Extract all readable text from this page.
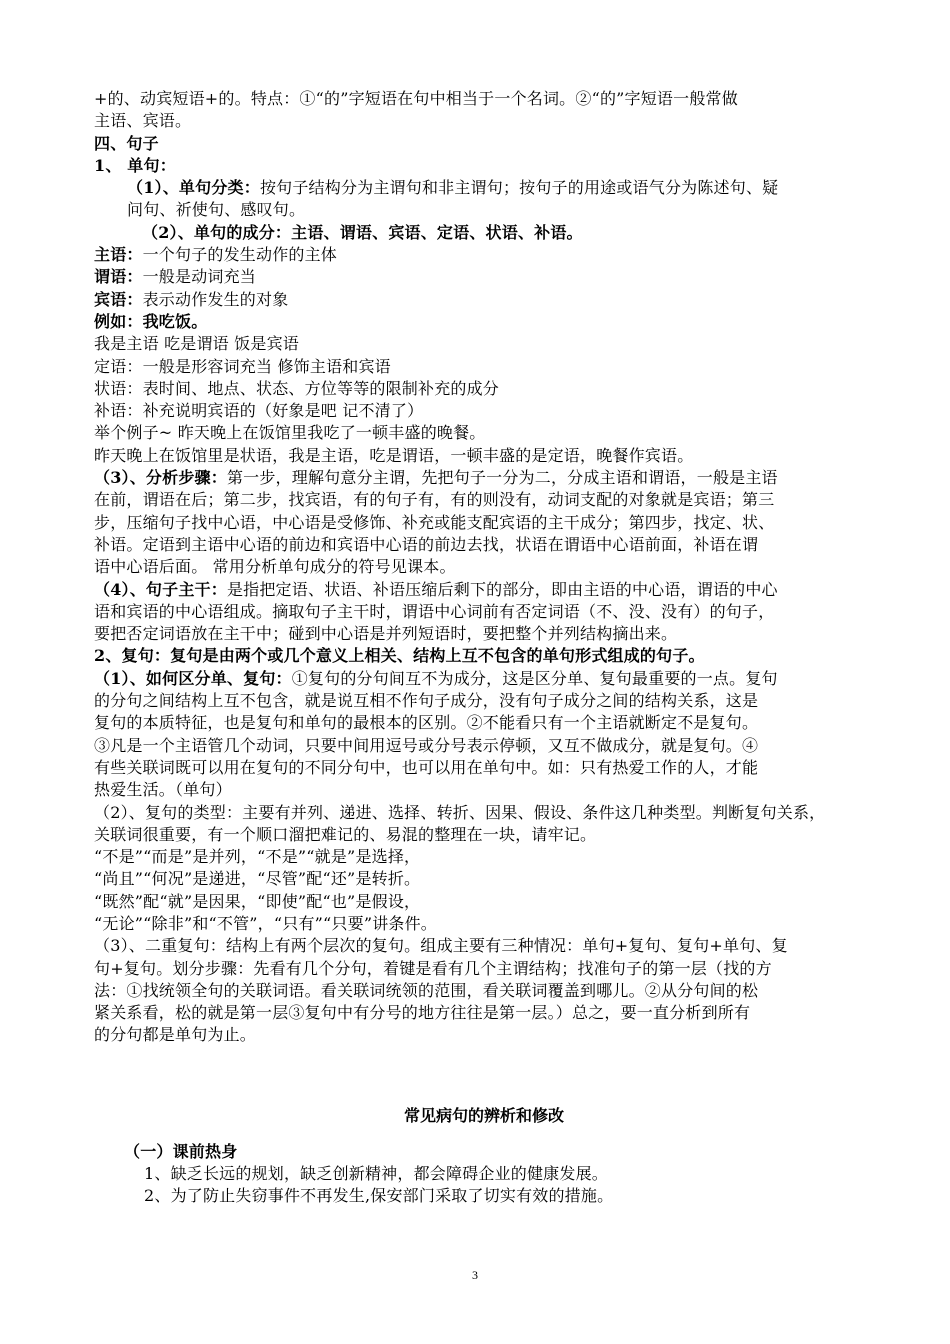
+的、动宾短语+的。特点：①“的”字短语在句中相当于一个名词。②“的”字短语一般常做
主语、宾语。
四、句子
1、 单句：
（1）、单句分类：按句子结构分为主谓句和非主谓句；按句子的用途或语气分为陈述句、疑
问句、祈使句、感叹句。
（2）、单句的成分：主语、谓语、宾语、定语、状语、补语。
主语：一个句子的发生动作的主体
谓语：一般是动词充当
宾语：表示动作发生的对象
例如：我吃饭。
我是主语 吃是谓语 饭是宾语
定语：一般是形容词充当 修饰主语和宾语
状语：表时间、地点、状态、方位等等的限制补充的成分
补语：补充说明宾语的（好象是吧 记不清了）
举个例子~ 昨天晚上在饭馆里我吃了一顿丰盛的晚餐。
昨天晚上在饭馆里是状语，我是主语，吃是谓语，一顿丰盛的是定语，晚餐作宾语。
（3）、分析步骤：第一步，理解句意分主谓，先把句子一分为二，分成主语和谓语，一般是主语
在前，谓语在后；第二步，找宾语，有的句子有，有的则没有，动词支配的对象就是宾语；第三
步，压缩句子找中心语，中心语是受修饰、补充或能支配宾语的主干成分；第四步，找定、状、
补语。定语到主语中心语的前边和宾语中心语的前边去找，状语在谓语中心语前面，补语在谓
语中心语后面。 常用分析单句成分的符号见课本。
（4）、句子主干：是指把定语、状语、补语压缩后剩下的部分，即由主语的中心语，谓语的中心
语和宾语的中心语组成。摘取句子主干时，谓语中心词前有否定词语（不、没、没有）的句子，
要把否定词语放在主干中；碰到中心语是并列短语时，要把整个并列结构摘出来。
2、复句：复句是由两个或几个意义上相关、结构上互不包含的单句形式组成的句子。
（1）、如何区分单、复句：①复句的分句间互不为成分，这是区分单、复句最重要的一点。复句
的分句之间结构上互不包含，就是说互相不作句子成分，没有句子成分之间的结构关系，这是
复句的本质特征，也是复句和单句的最根本的区别。②不能看只有一个主语就断定不是复句。
③凡是一个主语管几个动词，只要中间用逗号或分号表示停顿，又互不做成分，就是复句。④
有些关联词既可以用在复句的不同分句中，也可以用在单句中。如：只有热爱工作的人，才能
热爱生活。（单句）
（2）、复句的类型：主要有并列、递进、选择、转折、因果、假设、条件这几种类型。判断复句关系，
关联词很重要，有一个顺口溜把难记的、易混的整理在一块，请牢记。
“不是”“而是”是并列，“不是”“就是”是选择，
“尚且”“何况”是递进，“尽管”配“还”是转折。
“既然”配“就”是因果，“即使”配“也”是假设，
“无论”“除非”和“不管”，“只有”“只要”讲条件。
（3）、二重复句：结构上有两个层次的复句。组成主要有三种情况：单句+复句、复句+单句、复
句+复句。划分步骤：先看有几个分句，着键是看有几个主谓结构；找准句子的第一层（找的方
法：①找统领全句的关联词语。看关联词统领的范围，看关联词覆盖到哪儿。②从分句间的松
紧关系看，松的就是第一层③复句中有分号的地方往往是第一层。）总之，要一直分析到所有
的分句都是单句为止。
常见病句的辨析和修改
（一）课前热身
1、缺乏长远的规划，缺乏创新精神，都会障碍企业的健康发展。
2、为了防止失窃事件不再发生,保安部门采取了切实有效的措施。
3
